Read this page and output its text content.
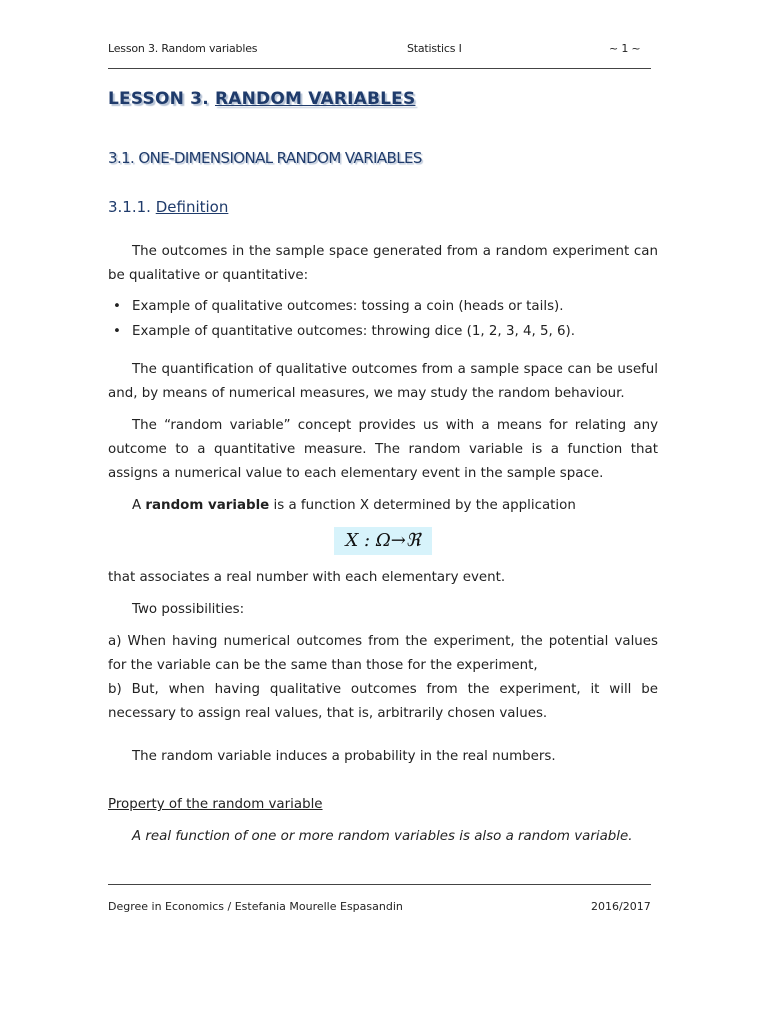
Lesson 3. Random variables	Statistics I	~ 1 ~
LESSON 3. RANDOM VARIABLES
3.1. ONE-DIMENSIONAL RANDOM VARIABLES
3.1.1. Definition
The outcomes in the sample space generated from a random experiment can be qualitative or quantitative:
• Example of qualitative outcomes: tossing a coin (heads or tails).
• Example of quantitative outcomes: throwing dice (1, 2, 3, 4, 5, 6).
The quantification of qualitative outcomes from a sample space can be useful and, by means of numerical measures, we may study the random behaviour.
The “random variable” concept provides us with a means for relating any outcome to a quantitative measure. The random variable is a function that assigns a numerical value to each elementary event in the sample space.
A random variable is a function X determined by the application
X : Ω→ℜ
that associates a real number with each elementary event.
Two possibilities:
a) When having numerical outcomes from the experiment, the potential values for the variable can be the same than those for the experiment,
b) But, when having qualitative outcomes from the experiment, it will be necessary to assign real values, that is, arbitrarily chosen values.
The random variable induces a probability in the real numbers.
Property of the random variable
A real function of one or more random variables is also a random variable.
Degree in Economics / Estefania Mourelle Espasandin	2016/2017
